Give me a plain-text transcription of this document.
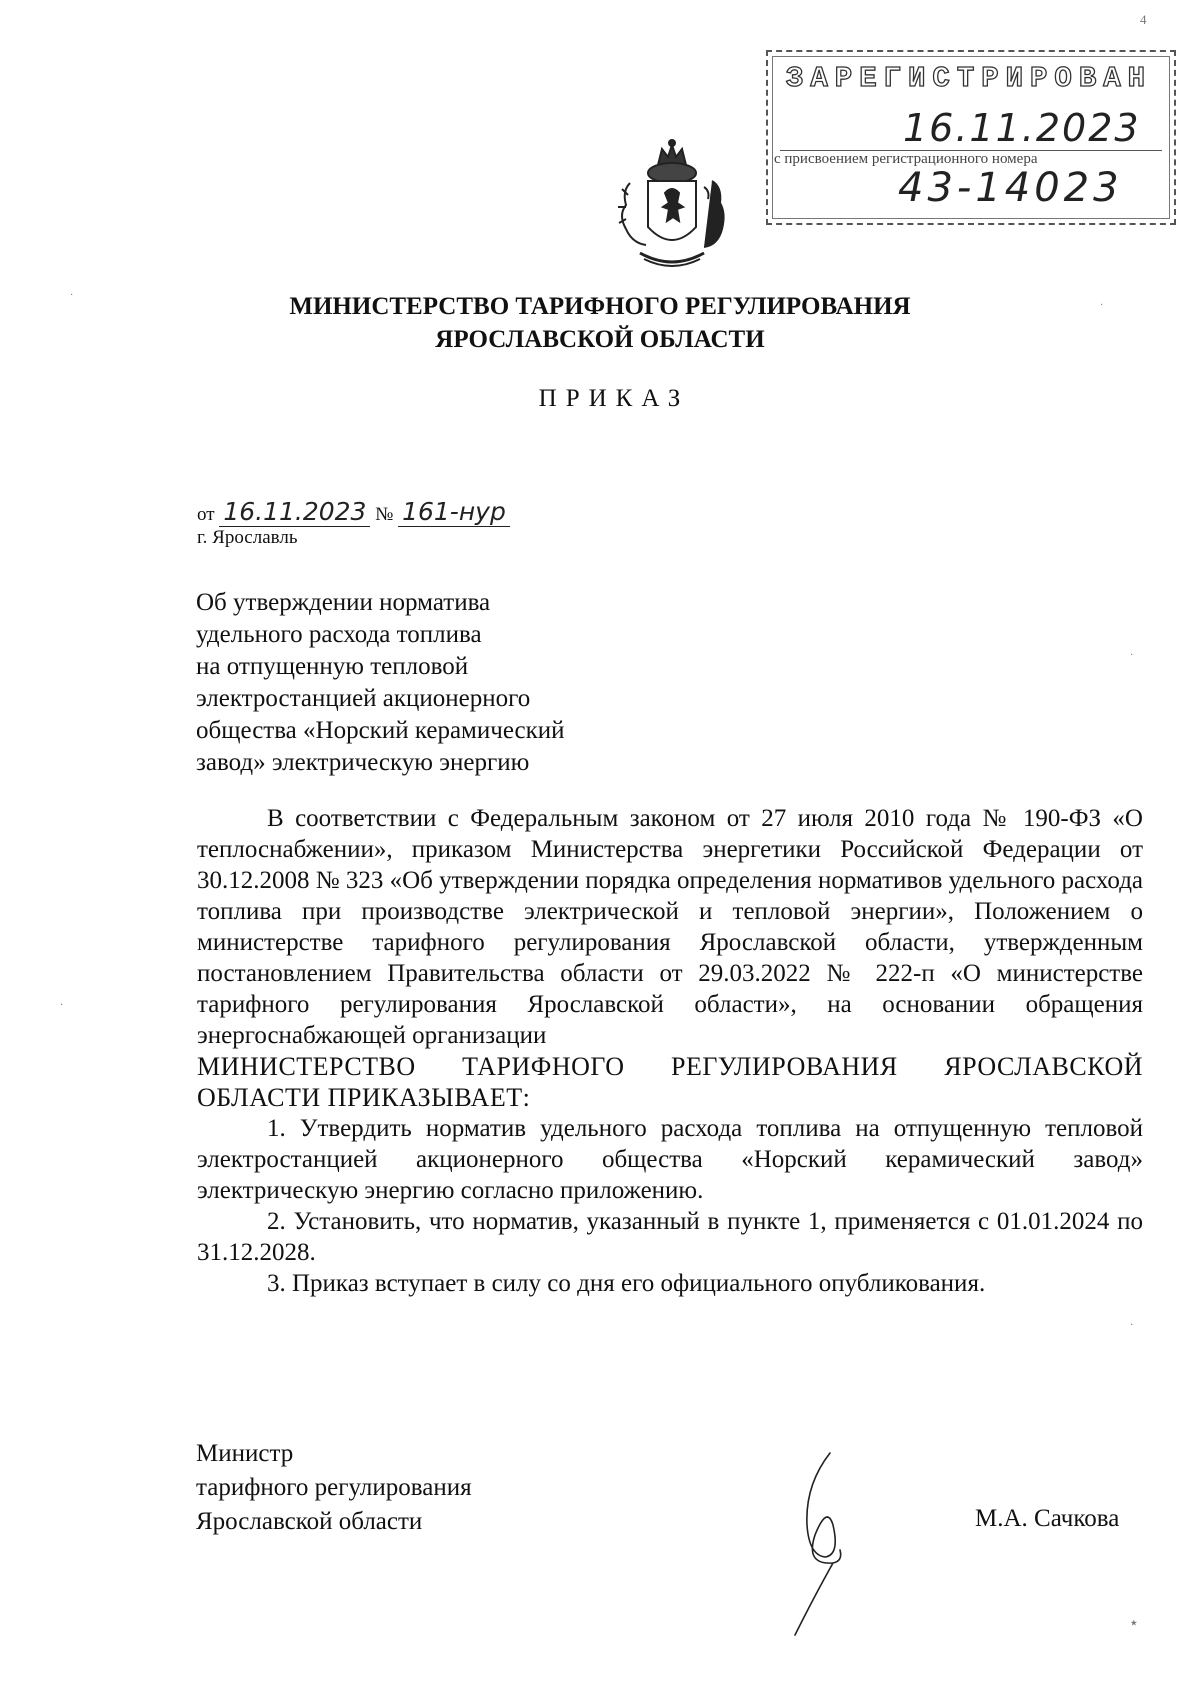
4
ЗАРЕГИСТРИРОВАН
16.11.2023
с присвоением регистрационного номера
43-14023
МИНИСТЕРСТВО ТАРИФНОГО РЕГУЛИРОВАНИЯ
ЯРОСЛАВСКОЙ ОБЛАСТИ
ПРИКАЗ
от 16.11.2023 № 161-нур
г. Ярославль
Об утверждении норматива
удельного расхода топлива
на отпущенную тепловой
электростанцией акционерного
общества «Норский керамический
завод» электрическую энергию

В соответствии с Федеральным законом от 27 июля 2010 года № 190-ФЗ «О теплоснабжении», приказом Министерства энергетики Российской Федерации от 30.12.2008 № 323 «Об утверждении порядка определения нормативов удельного расхода топлива при производстве электрической и тепловой энергии», Положением о министерстве тарифного регулирования Ярославской области, утвержденным постановлением Правительства области от 29.03.2022 № 222-п «О министерстве тарифного регулирования Ярославской области», на основании обращения энергоснабжающей организации

МИНИСТЕРСТВО ТАРИФНОГО РЕГУЛИРОВАНИЯ ЯРОСЛАВСКОЙ ОБЛАСТИ ПРИКАЗЫВАЕТ:

1. Утвердить норматив удельного расхода топлива на отпущенную тепловой электростанцией акционерного общества «Норский керамический завод» электрическую энергию согласно приложению.

2. Установить, что норматив, указанный в пункте 1, применяется с 01.01.2024 по 31.12.2028.

3. Приказ вступает в силу со дня его официального опубликования.

Министр
тарифного регулирования
Ярославской области	М.А. Сачкова
·
·
·
·
·
٭
